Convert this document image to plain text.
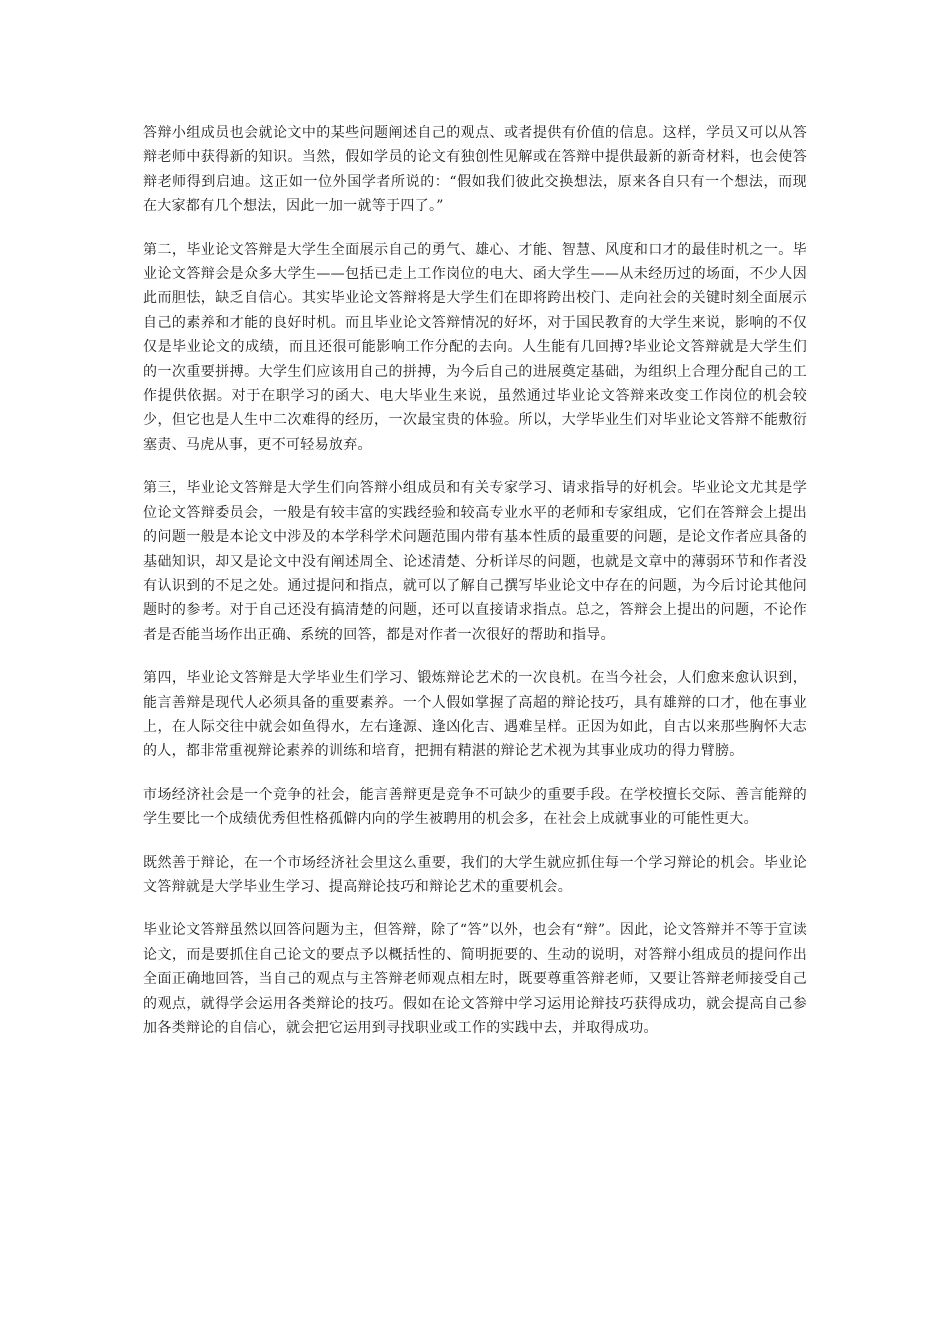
答辩小组成员也会就论文中的某些问题阐述自己的观点、或者提供有价值的信息。这样，学员又可以从答辩老师中获得新的知识。当然，假如学员的论文有独创性见解或在答辩中提供最新的新奇材料，也会使答辩老师得到启迪。这正如一位外国学者所说的：“假如我们彼此交换想法，原来各自只有一个想法，而现在大家都有几个想法，因此一加一就等于四了。”

第二，毕业论文答辩是大学生全面展示自己的勇气、雄心、才能、智慧、风度和口才的最佳时机之一。毕业论文答辩会是众多大学生——包括已走上工作岗位的电大、函大学生——从未经历过的场面，不少人因此而胆怯，缺乏自信心。其实毕业论文答辩将是大学生们在即将跨出校门、走向社会的关键时刻全面展示自己的素养和才能的良好时机。而且毕业论文答辩情况的好坏，对于国民教育的大学生来说，影响的不仅仅是毕业论文的成绩，而且还很可能影响工作分配的去向。人生能有几回搏?毕业论文答辩就是大学生们的一次重要拼搏。大学生们应该用自己的拼搏，为今后自己的进展奠定基础，为组织上合理分配自己的工作提供依据。对于在职学习的函大、电大毕业生来说，虽然通过毕业论文答辩来改变工作岗位的机会较少，但它也是人生中二次难得的经历，一次最宝贵的体验。所以，大学毕业生们对毕业论文答辩不能敷衍塞责、马虎从事，更不可轻易放弃。

第三，毕业论文答辩是大学生们向答辩小组成员和有关专家学习、请求指导的好机会。毕业论文尤其是学位论文答辩委员会，一般是有较丰富的实践经验和较高专业水平的老师和专家组成，它们在答辩会上提出的问题一般是本论文中涉及的本学科学术问题范围内带有基本性质的最重要的问题，是论文作者应具备的基础知识，却又是论文中没有阐述周全、论述清楚、分析详尽的问题，也就是文章中的薄弱环节和作者没有认识到的不足之处。通过提问和指点，就可以了解自己撰写毕业论文中存在的问题，为今后讨论其他问题时的参考。对于自己还没有搞清楚的问题，还可以直接请求指点。总之，答辩会上提出的问题，不论作者是否能当场作出正确、系统的回答，都是对作者一次很好的帮助和指导。

第四，毕业论文答辩是大学毕业生们学习、锻炼辩论艺术的一次良机。在当今社会，人们愈来愈认识到，能言善辩是现代人必须具备的重要素养。一个人假如掌握了高超的辩论技巧，具有雄辩的口才，他在事业上，在人际交往中就会如鱼得水，左右逢源、逢凶化吉、遇难呈样。正因为如此，自古以来那些胸怀大志的人，都非常重视辩论素养的训练和培育，把拥有精湛的辩论艺术视为其事业成功的得力臂膀。

市场经济社会是一个竞争的社会，能言善辩更是竞争不可缺少的重要手段。在学校擅长交际、善言能辩的学生要比一个成绩优秀但性格孤僻内向的学生被聘用的机会多，在社会上成就事业的可能性更大。

既然善于辩论，在一个市场经济社会里这么重要，我们的大学生就应抓住每一个学习辩论的机会。毕业论文答辩就是大学毕业生学习、提高辩论技巧和辩论艺术的重要机会。

毕业论文答辩虽然以回答问题为主，但答辩，除了“答”以外，也会有“辩”。因此，论文答辩并不等于宣读论文，而是要抓住自己论文的要点予以概括性的、简明扼要的、生动的说明，对答辩小组成员的提问作出全面正确地回答，当自己的观点与主答辩老师观点相左时，既要尊重答辩老师，又要让答辩老师接受自己的观点，就得学会运用各类辩论的技巧。假如在论文答辩中学习运用论辩技巧获得成功，就会提高自己参加各类辩论的自信心，就会把它运用到寻找职业或工作的实践中去，并取得成功。
